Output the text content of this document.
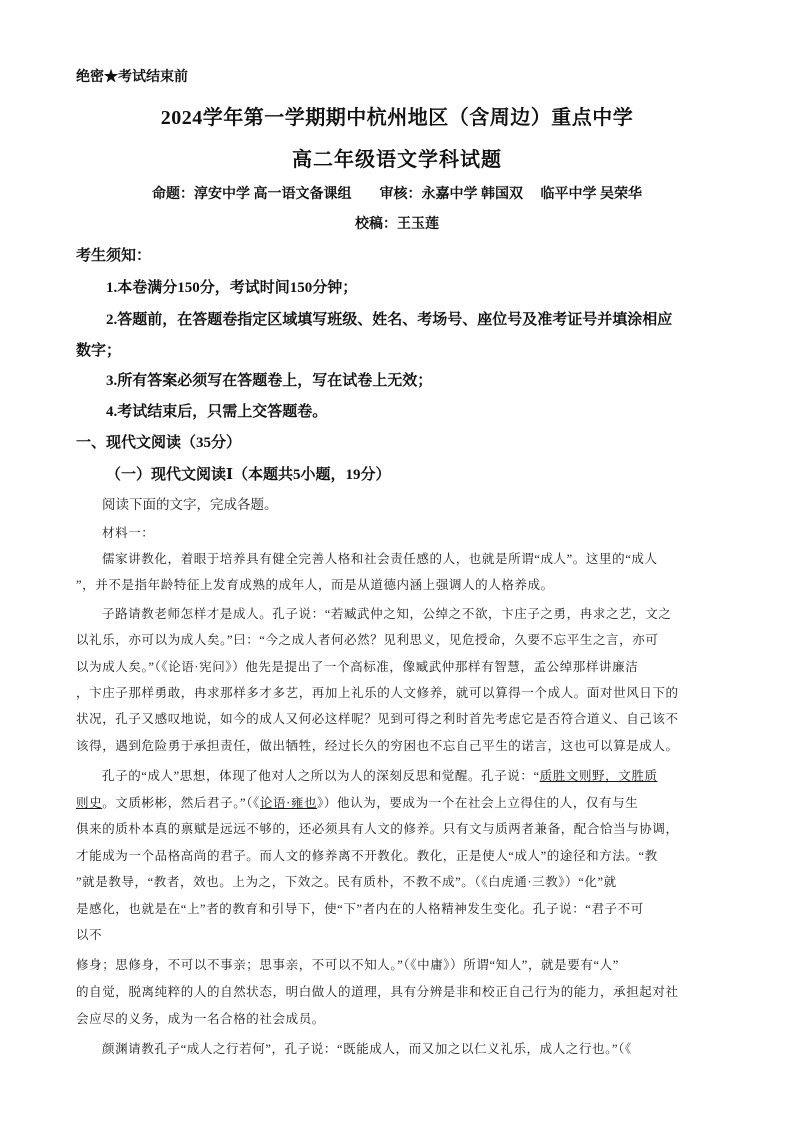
绝密★考试结束前
2024学年第一学期期中杭州地区（含周边）重点中学
高二年级语文学科试题
命题：淳安中学 高一语文备课组　　审核：永嘉中学 韩国双　 临平中学 吴荣华
校稿：王玉莲
考生须知：
1.本卷满分150分，考试时间150分钟；
2.答题前，在答题卷指定区域填写班级、姓名、考场号、座位号及准考证号并填涂相应
数字；
3.所有答案必须写在答题卷上，写在试卷上无效；
4.考试结束后，只需上交答题卷。
一、现代文阅读（35分）
（一）现代文阅读Ⅰ（本题共5小题，19分）
阅读下面的文字，完成各题。
材料一：
儒家讲教化，着眼于培养具有健全完善人格和社会责任感的人，也就是所谓“成人”。这里的“成人
”，并不是指年龄特征上发育成熟的成年人，而是从道德内涵上强调人的人格养成。
子路请教老师怎样才是成人。孔子说：“若臧武仲之知，公绰之不欲，卞庄子之勇，冉求之艺，文之
以礼乐，亦可以为成人矣。”曰：“今之成人者何必然？见利思义，见危授命，久要不忘平生之言，亦可
以为成人矣。”（《论语·宪问》）他先是提出了一个高标准，像臧武仲那样有智慧，孟公绰那样讲廉洁
，卞庄子那样勇敢，冉求那样多才多艺，再加上礼乐的人文修养，就可以算得一个成人。面对世风日下的
状况，孔子又感叹地说，如今的成人又何必这样呢？见到可得之利时首先考虑它是否符合道义、自己该不
该得，遇到危险勇于承担责任，做出牺牲，经过长久的穷困也不忘自己平生的诺言，这也可以算是成人。
孔子的“成人”思想，体现了他对人之所以为人的深刻反思和觉醒。孔子说：“质胜文则野，文胜质
则史。文质彬彬，然后君子。”（《论语·雍也》）他认为，要成为一个在社会上立得住的人，仅有与生
俱来的质朴本真的禀赋是远远不够的，还必须具有人文的修养。只有文与质两者兼备，配合恰当与协调，
才能成为一个品格高尚的君子。而人文的修养离不开教化。教化，正是使人“成人”的途径和方法。“教
”就是教导，“教者，效也。上为之，下效之。民有质朴，不教不成”。（《白虎通·三教》）“化”就
是感化，也就是在“上”者的教育和引导下，使“下”者内在的人格精神发生变化。孔子说：“君子不可
以不
修身；思修身，不可以不事亲；思事亲，不可以不知人。”（《中庸》）所谓“知人”，就是要有“人”
的自觉，脱离纯粹的人的自然状态，明白做人的道理，具有分辨是非和校正自己行为的能力，承担起对社
会应尽的义务，成为一名合格的社会成员。
颜渊请教孔子“成人之行若何”，孔子说：“既能成人，而又加之以仁义礼乐，成人之行也。”（《
